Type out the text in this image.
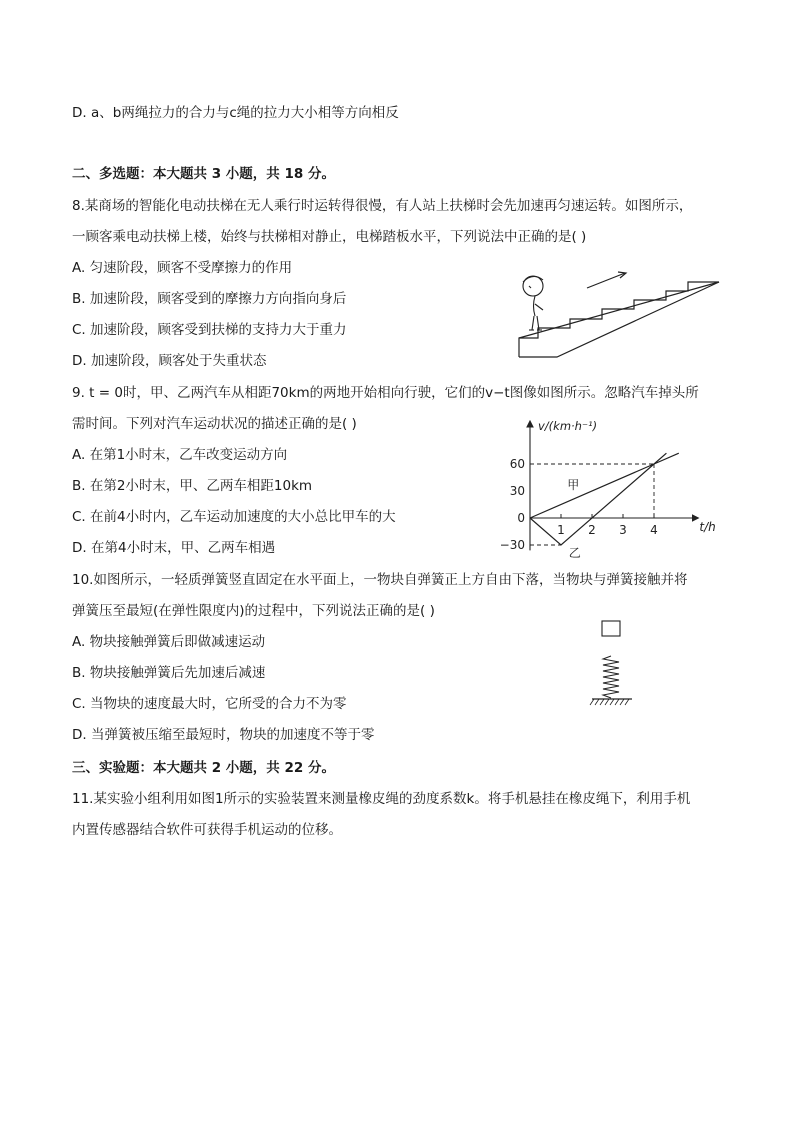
D. a、b两绳拉力的合力与c绳的拉力大小相等方向相反
二、多选题：本大题共 3 小题，共 18 分。
8.某商场的智能化电动扶梯在无人乘行时运转得很慢，有人站上扶梯时会先加速再匀速运转。如图所示，
一顾客乘电动扶梯上楼，始终与扶梯相对静止，电梯踏板水平，下列说法中正确的是( )
A. 匀速阶段，顾客不受摩擦力的作用
B. 加速阶段，顾客受到的摩擦力方向指向身后
C. 加速阶段，顾客受到扶梯的支持力大于重力
D. 加速阶段，顾客处于失重状态
9. t = 0时，甲、乙两汽车从相距70km的两地开始相向行驶，它们的v−t图像如图所示。忽略汽车掉头所
需时间。下列对汽车运动状况的描述正确的是( )
A. 在第1小时末，乙车改变运动方向
B. 在第2小时末，甲、乙两车相距10km
C. 在前4小时内，乙车运动加速度的大小总比甲车的大
D. 在第4小时末，甲、乙两车相遇
60
30
0
−30
1 2 3 4
v/(km·h⁻¹)
t/h
甲
乙
10.如图所示，一轻质弹簧竖直固定在水平面上，一物块自弹簧正上方自由下落，当物块与弹簧接触并将
弹簧压至最短(在弹性限度内)的过程中，下列说法正确的是( )
A. 物块接触弹簧后即做减速运动
B. 物块接触弹簧后先加速后减速
C. 当物块的速度最大时，它所受的合力不为零
D. 当弹簧被压缩至最短时，物块的加速度不等于零
三、实验题：本大题共 2 小题，共 22 分。
11.某实验小组利用如图1所示的实验装置来测量橡皮绳的劲度系数k。将手机悬挂在橡皮绳下，利用手机
内置传感器结合软件可获得手机运动的位移。
